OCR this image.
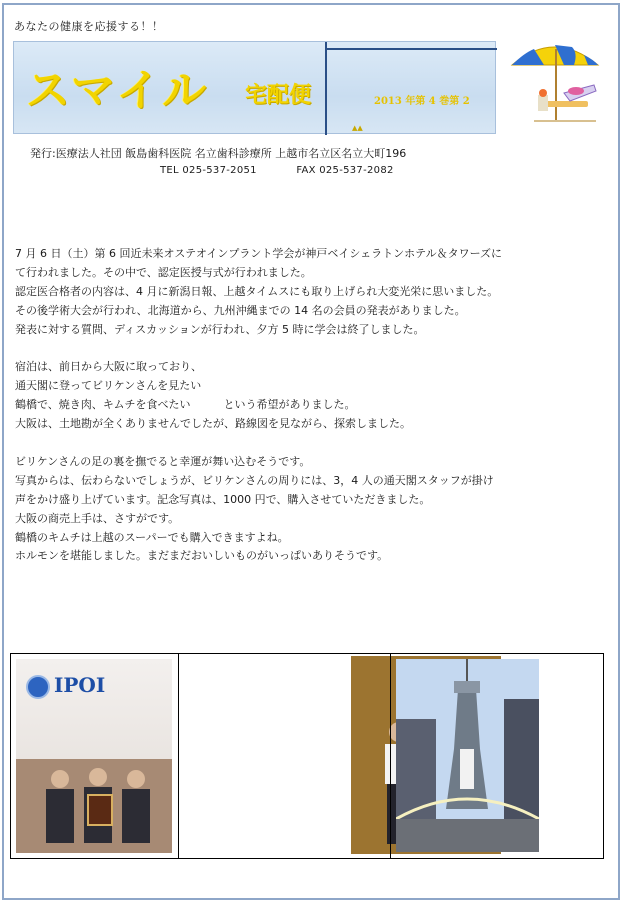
あなたの健康を応援する！！
スマイル 宅配便	2013 年第 4 巻第 2
▲▲
発行:医療法人社団 飯島歯科医院 名立歯科診療所 上越市名立区名立大町196
TEL 025-537-2051	FAX 025-537-2082

7 月 6 日（土）第 6 回近未来オステオインプラント学会が神戸ベイシェラトンホテル＆タワーズに

て行われました。その中で、認定医授与式が行われました。

認定医合格者の内容は、4 月に新潟日報、上越タイムスにも取り上げられ大変光栄に思いました。

その後学術大会が行われ、北海道から、九州沖縄までの 14 名の会員の発表がありました。

発表に対する質問、ディスカッションが行われ、夕方 5 時に学会は終了しました。

宿泊は、前日から大阪に取っており、

通天閣に登ってビリケンさんを見たい

鶴橋で、焼き肉、キムチを食べたい　　　という希望がありました。

大阪は、土地勘が全くありませんでしたが、路線図を見ながら、探索しました。

ビリケンさんの足の裏を撫でると幸運が舞い込むそうです。

写真からは、伝わらないでしょうが、ビリケンさんの周りには、3，4 人の通天閣スタッフが掛け

声をかけ盛り上げています。記念写真は、1000 円で、購入させていただきました。

大阪の商売上手は、さすがです。

鶴橋のキムチは上越のスーパーでも購入できますよね。

ホルモンを堪能しました。まだまだおいしいものがいっぱいありそうです。

IPOI
